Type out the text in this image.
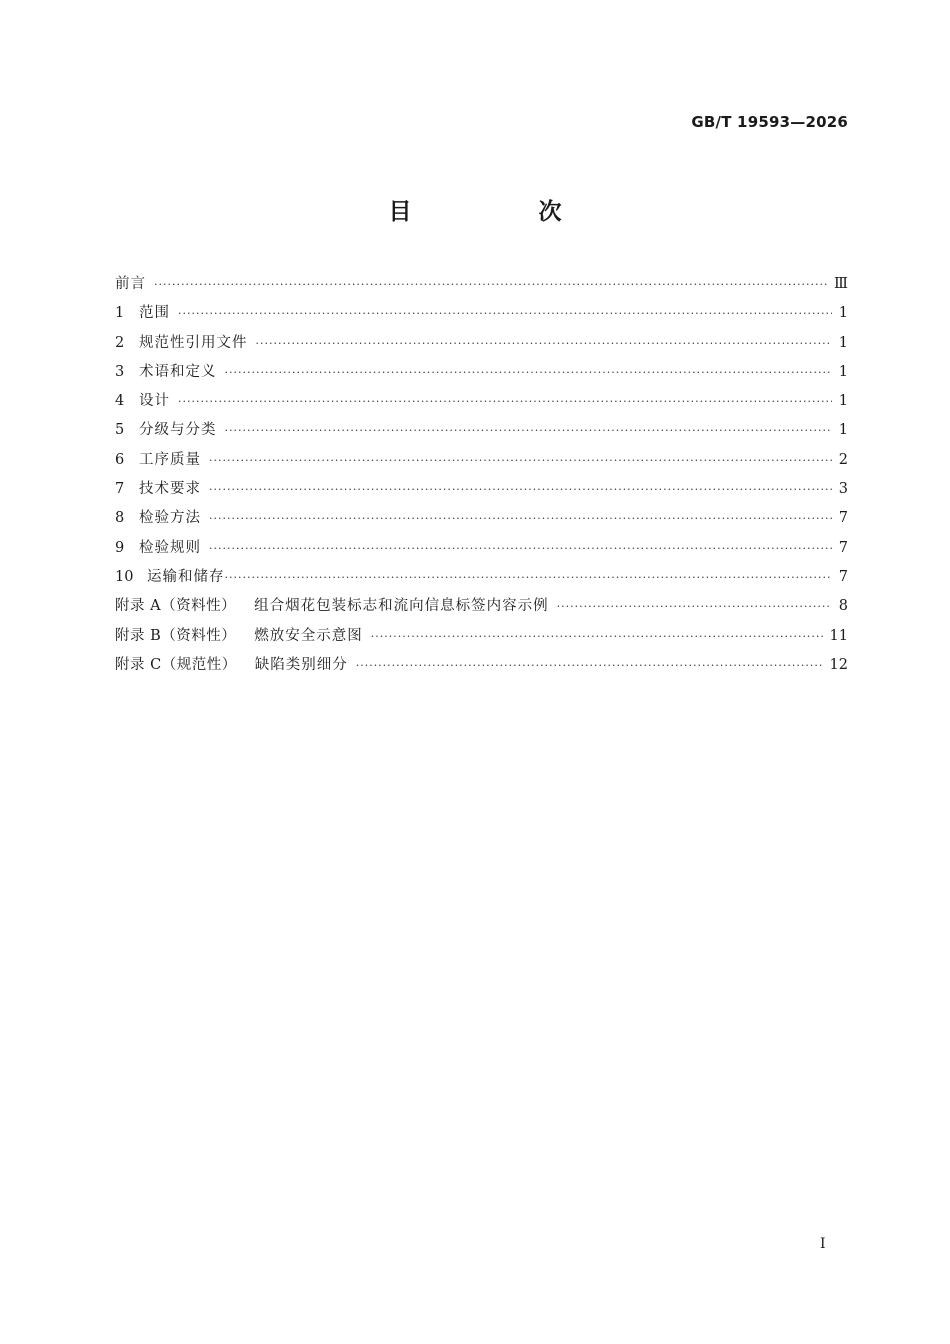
GB/T 19593—2026
目　次
前言 ·····	Ⅲ
1	范围 ·····	1
2	规范性引用文件 ·····	1
3	术语和定义 ·····	1
4	设计 ·····	1
5	分级与分类 ·····	1
6	工序质量 ·····	2
7	技术要求 ·····	3
8	检验方法 ·····	7
9	检验规则 ·····	7
10 运输和储存 ·····	7
附录 A（资料性） 组合烟花包装标志和流向信息标签内容示例 ·····	8
附录 B（资料性） 燃放安全示意图 ·····	11
附录 C（规范性） 缺陷类别细分 ·····	12
I
